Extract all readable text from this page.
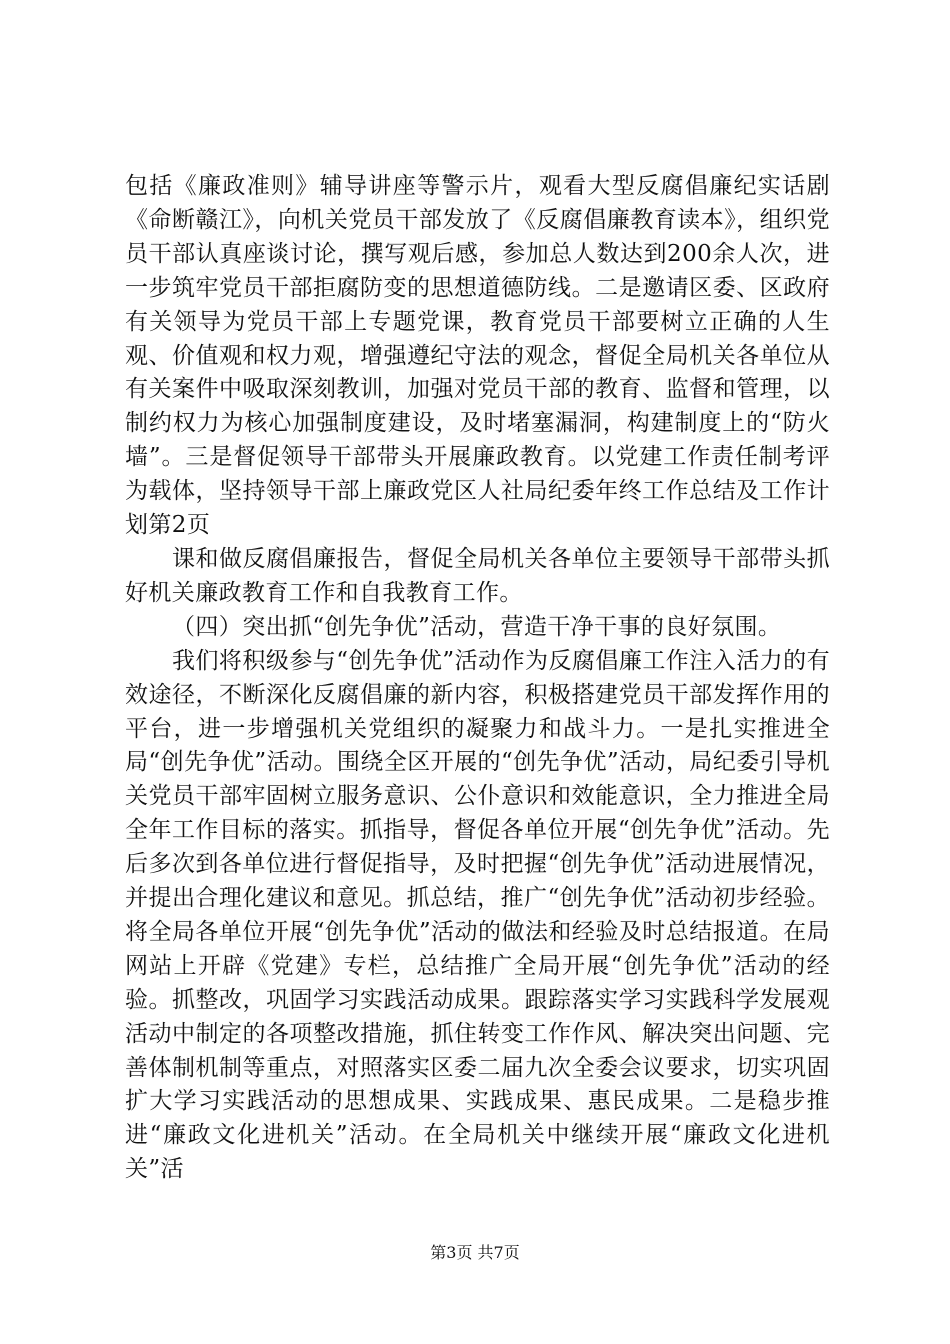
包括《廉政准则》辅导讲座等警示片，观看大型反腐倡廉纪实话剧《命断赣江》，向机关党员干部发放了《反腐倡廉教育读本》，组织党员干部认真座谈讨论，撰写观后感，参加总人数达到200余人次，进一步筑牢党员干部拒腐防变的思想道德防线。二是邀请区委、区政府有关领导为党员干部上专题党课，教育党员干部要树立正确的人生观、价值观和权力观，增强遵纪守法的观念，督促全局机关各单位从有关案件中吸取深刻教训，加强对党员干部的教育、监督和管理，以制约权力为核心加强制度建设，及时堵塞漏洞，构建制度上的“防火墙”。三是督促领导干部带头开展廉政教育。以党建工作责任制考评为载体，坚持领导干部上廉政党区人社局纪委年终工作总结及工作计划第2页

课和做反腐倡廉报告，督促全局机关各单位主要领导干部带头抓好机关廉政教育工作和自我教育工作。

（四）突出抓“创先争优”活动，营造干净干事的良好氛围。

我们将积级参与“创先争优”活动作为反腐倡廉工作注入活力的有效途径，不断深化反腐倡廉的新内容，积极搭建党员干部发挥作用的平台，进一步增强机关党组织的凝聚力和战斗力。一是扎实推进全局“创先争优”活动。围绕全区开展的“创先争优”活动，局纪委引导机关党员干部牢固树立服务意识、公仆意识和效能意识，全力推进全局全年工作目标的落实。抓指导，督促各单位开展“创先争优”活动。先后多次到各单位进行督促指导，及时把握“创先争优”活动进展情况，并提出合理化建议和意见。抓总结，推广“创先争优”活动初步经验。将全局各单位开展“创先争优”活动的做法和经验及时总结报道。在局网站上开辟《党建》专栏，总结推广全局开展“创先争优”活动的经验。抓整改，巩固学习实践活动成果。跟踪落实学习实践科学发展观活动中制定的各项整改措施，抓住转变工作作风、解决突出问题、完善体制机制等重点，对照落实区委二届九次全委会议要求，切实巩固扩大学习实践活动的思想成果、实践成果、惠民成果。二是稳步推进“廉政文化进机关”活动。在全局机关中继续开展“廉政文化进机关”活

第3页 共7页
